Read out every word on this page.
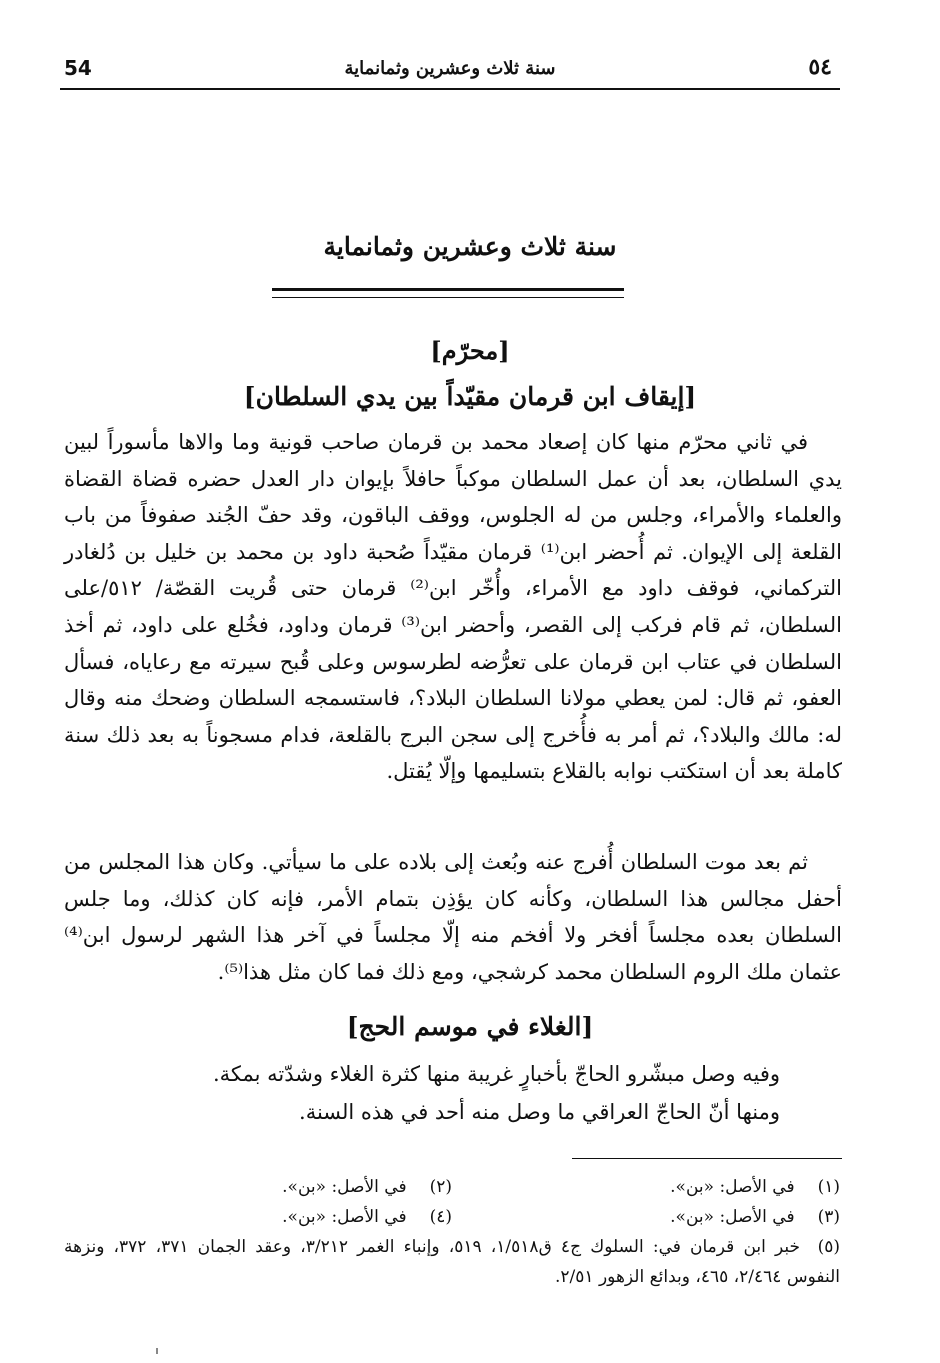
54	سنة ثلاث وعشرين وثمانماية	٥٤
سنة ثلاث وعشرين وثمانماية
[محرّم]
[إيقاف ابن قرمان مقيّداً بين يدي السلطان]
في ثاني محرّم منها كان إصعاد محمد بن قرمان صاحب قونية وما والاها مأسوراً لبين يدي السلطان، بعد أن عمل السلطان موكباً حافلاً بإيوان دار العدل حضره قضاة القضاة والعلماء والأمراء، وجلس من له الجلوس، ووقف الباقون، وقد حفّ الجُند صفوفاً من باب القلعة إلى الإيوان. ثم أُحضر ابن⁽¹⁾ قرمان مقيّداً صُحبة داود بن محمد بن خليل بن دُلغادر التركماني، فوقف داود مع الأمراء، وأُخّر ابن⁽²⁾ قرمان حتى قُريت القصّة/ ٥١٢/على السلطان، ثم قام فركب إلى القصر، وأحضر ابن⁽³⁾ قرمان وداود، فخُلع على داود، ثم أخذ السلطان في عتاب ابن قرمان على تعرُّضه لطرسوس وعلى قُبح سيرته مع رعاياه، فسأل العفو، ثم قال: لمن يعطي مولانا السلطان البلاد؟، فاستسمجه السلطان وضحك منه وقال له: مالك والبلاد؟، ثم أمر به فأُخرج إلى سجن البرج بالقلعة، فدام مسجوناً به بعد ذلك سنة كاملة بعد أن استكتب نوابه بالقلاع بتسليمها وإلّا يُقتل.
ثم بعد موت السلطان أُفرج عنه وبُعث إلى بلاده على ما سيأتي. وكان هذا المجلس من أحفل مجالس هذا السلطان، وكأنه كان يؤذِن بتمام الأمر، فإنه كان كذلك، وما جلس السلطان بعده مجلساً أفخر ولا أفخم منه إلّا مجلساً في آخر هذا الشهر لرسول ابن⁽⁴⁾ عثمان ملك الروم السلطان محمد كرشجي، ومع ذلك فما كان مثل هذا⁽⁵⁾.
[الغلاء في موسم الحج]
وفيه وصل مبشّرو الحاجّ بأخبارٍ غريبة منها كثرة الغلاء وشدّته بمكة.
ومنها أنّ الحاجّ العراقي ما وصل منه أحد في هذه السنة.
(١) في الأصل: «بن».
(٢) في الأصل: «بن».
(٣) في الأصل: «بن».
(٤) في الأصل: «بن».
(٥)
خبر ابن قرمان في: السلوك ج٤ ق١/٥١٨، ٥١٩، وإنباء الغمر ٣/٢١٢، وعقد الجمان ٣٧١، ٣٧٢، ونزهة النفوس ٢/٤٦٤، ٤٦٥، وبدائع الزهور ٢/٥١.
